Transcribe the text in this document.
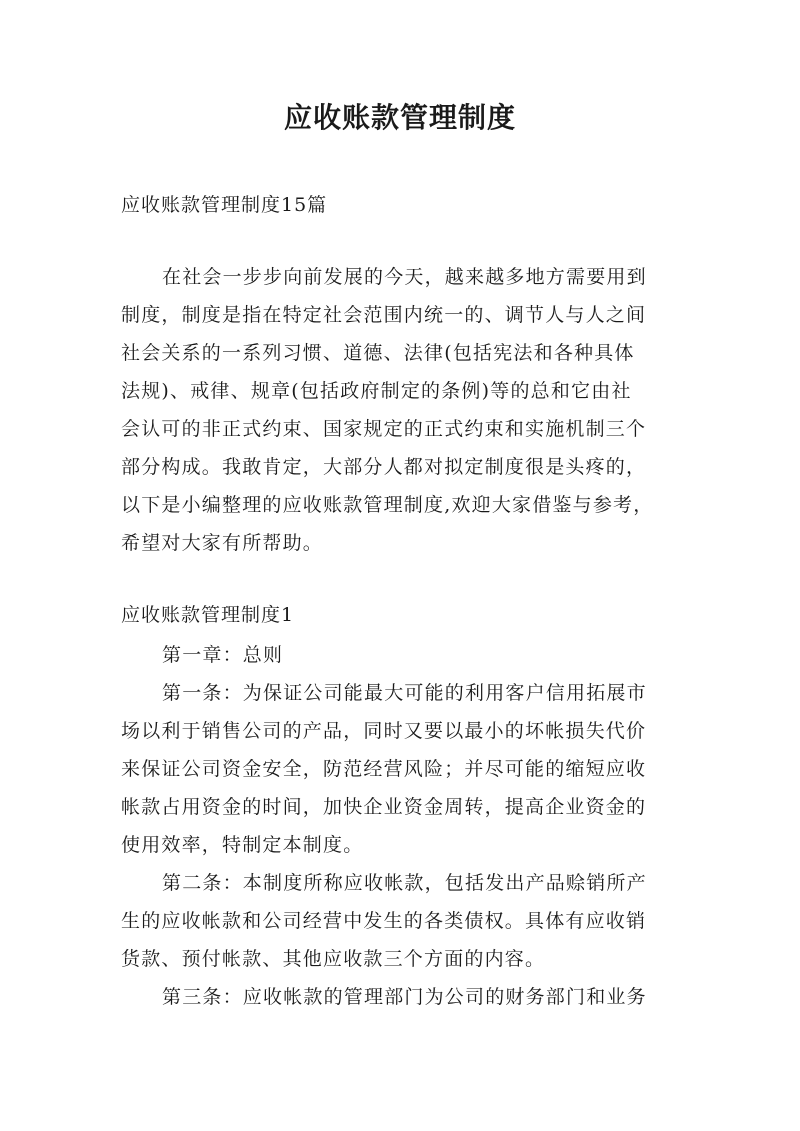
应收账款管理制度
应收账款管理制度15篇
在社会一步步向前发展的今天，越来越多地方需要用到
制度，制度是指在特定社会范围内统一的、调节人与人之间
社会关系的一系列习惯、道德、法律(包括宪法和各种具体
法规)、戒律、规章(包括政府制定的条例)等的总和它由社
会认可的非正式约束、国家规定的正式约束和实施机制三个
部分构成。我敢肯定，大部分人都对拟定制度很是头疼的，
以下是小编整理的应收账款管理制度,欢迎大家借鉴与参考，
希望对大家有所帮助。
应收账款管理制度1
第一章：总则
第一条：为保证公司能最大可能的利用客户信用拓展市
场以利于销售公司的产品，同时又要以最小的坏帐损失代价
来保证公司资金安全，防范经营风险；并尽可能的缩短应收
帐款占用资金的时间，加快企业资金周转，提高企业资金的
使用效率，特制定本制度。
第二条：本制度所称应收帐款，包括发出产品赊销所产
生的应收帐款和公司经营中发生的各类债权。具体有应收销
货款、预付帐款、其他应收款三个方面的内容。
第三条：应收帐款的管理部门为公司的财务部门和业务
